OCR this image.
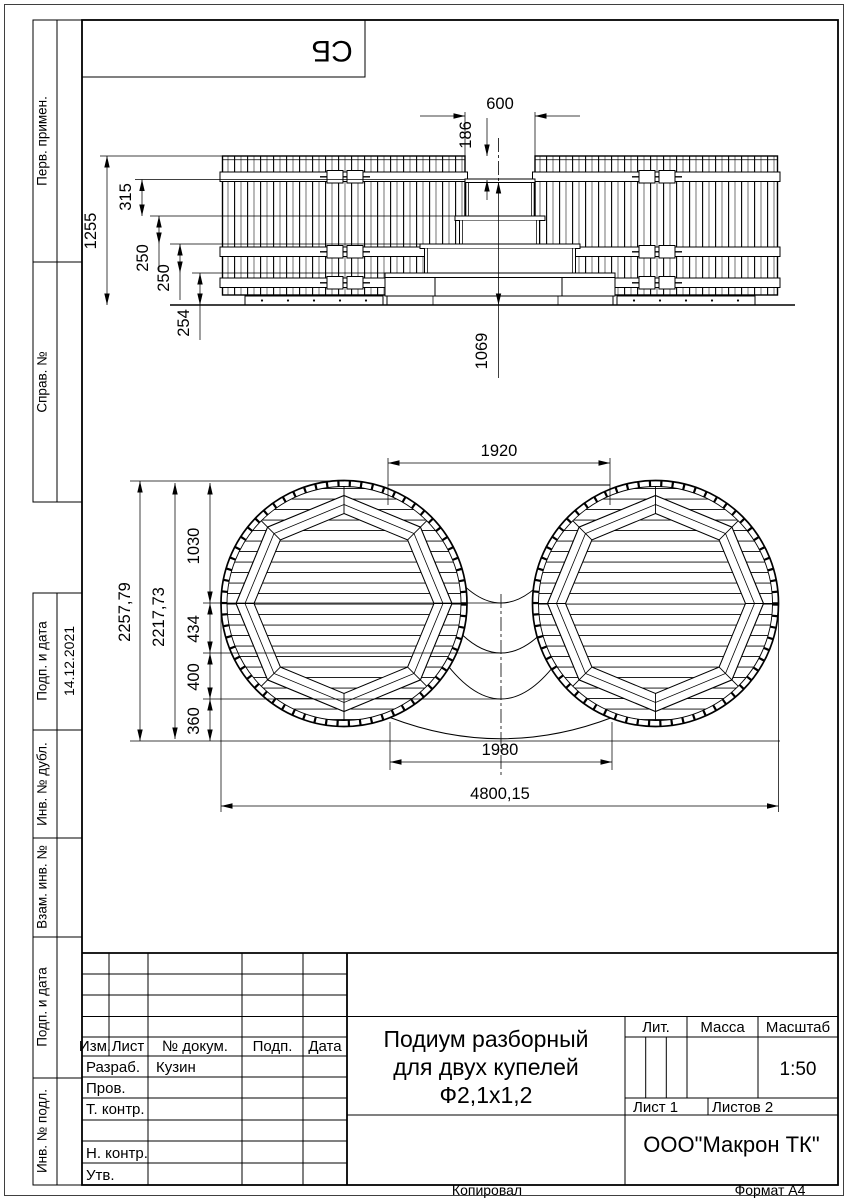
СБ
Перв. примен.
Справ. №
Подп. и дата
Инв. № дубл.
Взам. инв. №
Подп. и дата
Инв. № подл.
14.12.2021
600
186
1255
315
250
250
254
1069
1920
2257,79 2217,73
1030
434
400
360
1980
4800,15
Изм. Лист № докум. Подп. Дата
Разраб.
Пров.
Т. контр.
Н. контр.
Утв.
Кузин
Подиум разборный
для двух купелей
Ф2,1х1,2
Лит. Масса Масштаб
1:50
Лист 1 Листов 2
ООО"Макрон ТК"
Копировал	Формат А4
